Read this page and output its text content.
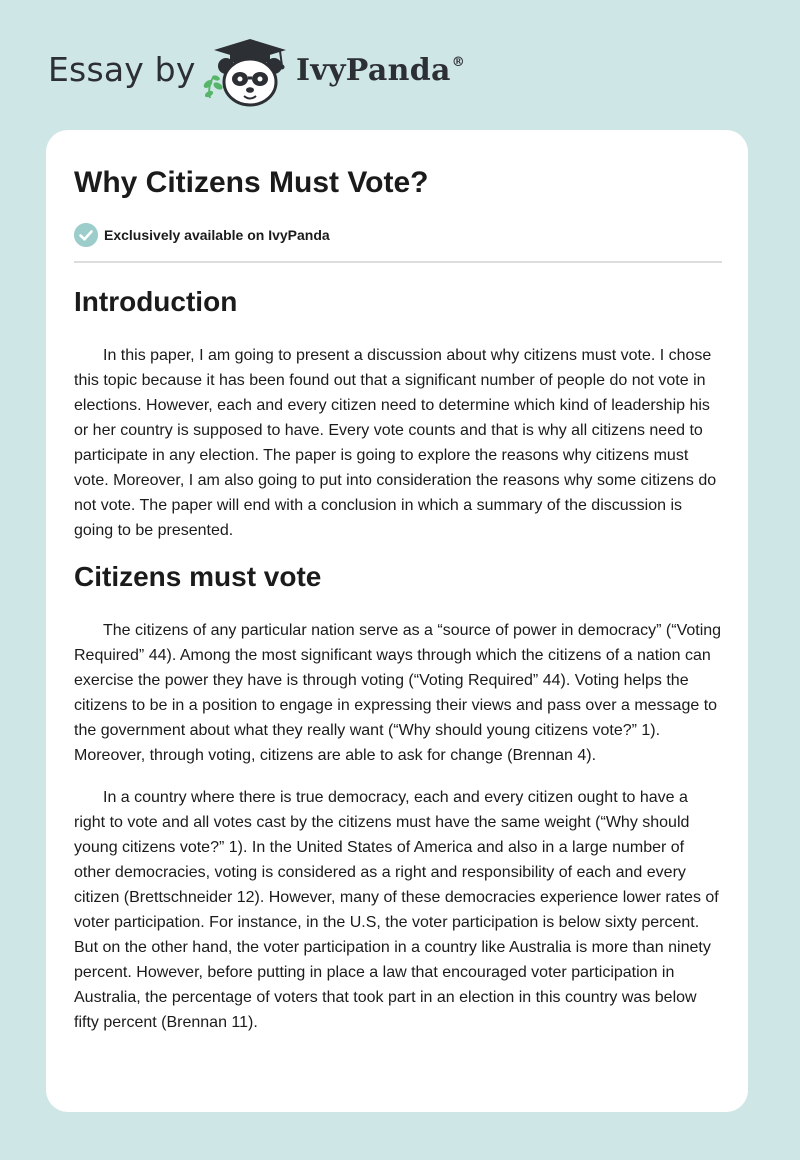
Essay by	IvyPanda®
Why Citizens Must Vote?
Exclusively available on IvyPanda
Introduction

In this paper, I am going to present a discussion about why citizens must vote. I chose this topic because it has been found out that a significant number of people do not vote in elections. However, each and every citizen need to determine which kind of leadership his or her country is supposed to have. Every vote counts and that is why all citizens need to participate in any election. The paper is going to explore the reasons why citizens must vote. Moreover, I am also going to put into consideration the reasons why some citizens do not vote. The paper will end with a conclusion in which a summary of the discussion is going to be presented.

Citizens must vote

The citizens of any particular nation serve as a “source of power in democracy” (“Voting Required” 44). Among the most significant ways through which the citizens of a nation can exercise the power they have is through voting (“Voting Required” 44). Voting helps the citizens to be in a position to engage in expressing their views and pass over a message to the government about what they really want (“Why should young citizens vote?” 1). Moreover, through voting, citizens are able to ask for change (Brennan 4).

In a country where there is true democracy, each and every citizen ought to have a right to vote and all votes cast by the citizens must have the same weight (“Why should young citizens vote?” 1). In the United States of America and also in a large number of other democracies, voting is considered as a right and responsibility of each and every citizen (Brettschneider 12). However, many of these democracies experience lower rates of voter participation. For instance, in the U.S, the voter participation is below sixty percent. But on the other hand, the voter participation in a country like Australia is more than ninety percent. However, before putting in place a law that encouraged voter participation in Australia, the percentage of voters that took part in an election in this country was below fifty percent (Brennan 11).
